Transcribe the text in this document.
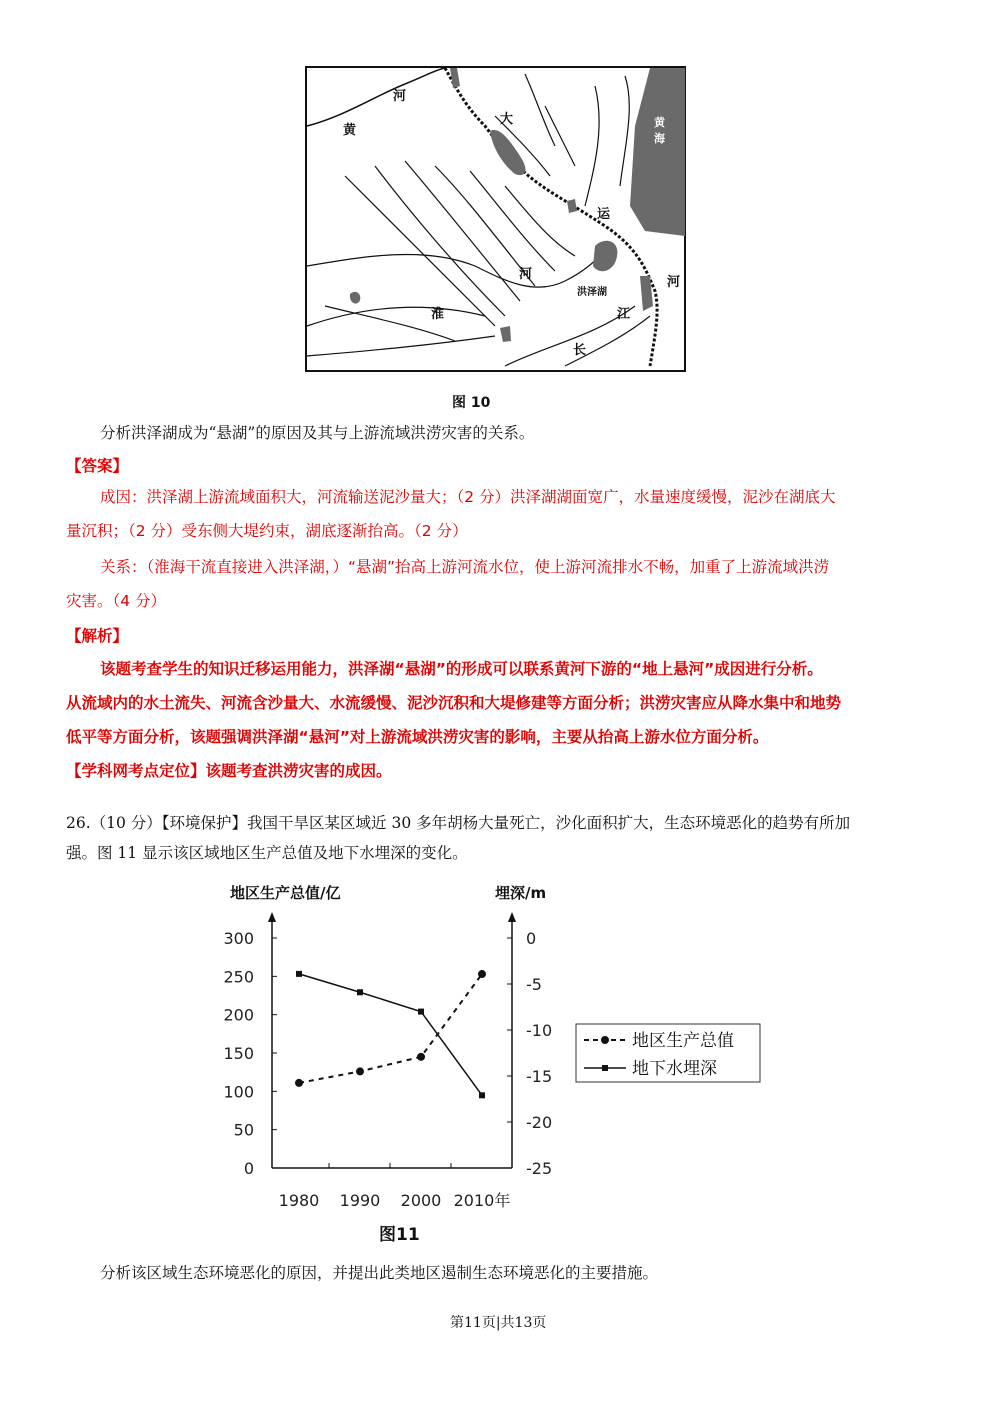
河
黄
大
运
河
河
洪泽湖
淮	江
长
黄
海
图 10
分析洪泽湖成为“悬湖”的原因及其与上游流域洪涝灾害的关系。
【答案】
成因：洪泽湖上游流域面积大，河流输送泥沙量大；（2 分）洪泽湖湖面宽广，水量速度缓慢，泥沙在湖底大
量沉积；（2 分）受东侧大堤约束，湖底逐渐抬高。（2 分）
关系：（淮海干流直接进入洪泽湖，）“悬湖”抬高上游河流水位，使上游河流排水不畅，加重了上游流域洪涝
灾害。（4 分）
【解析】
该题考查学生的知识迁移运用能力，洪泽湖“悬湖”的形成可以联系黄河下游的“地上悬河”成因进行分析。
从流域内的水土流失、河流含沙量大、水流缓慢、泥沙沉积和大堤修建等方面分析；洪涝灾害应从降水集中和地势
低平等方面分析，该题强调洪泽湖“悬河”对上游流域洪涝灾害的影响，主要从抬高上游水位方面分析。
【学科网考点定位】该题考查洪涝灾害的成因。
26.（10 分）【环境保护】我国干旱区某区域近 30 多年胡杨大量死亡，沙化面积扩大，生态环境恶化的趋势有所加
强。图 11 显示该区域地区生产总值及地下水埋深的变化。
地区生产总值/亿	埋深/m
300
250
200
150
100
50
0
0
-5
-10
-15
-20
-25
1980 1990 2000 2010年
地区生产总值
地下水埋深
图11
分析该区域生态环境恶化的原因，并提出此类地区遏制生态环境恶化的主要措施。
第11页|共13页
